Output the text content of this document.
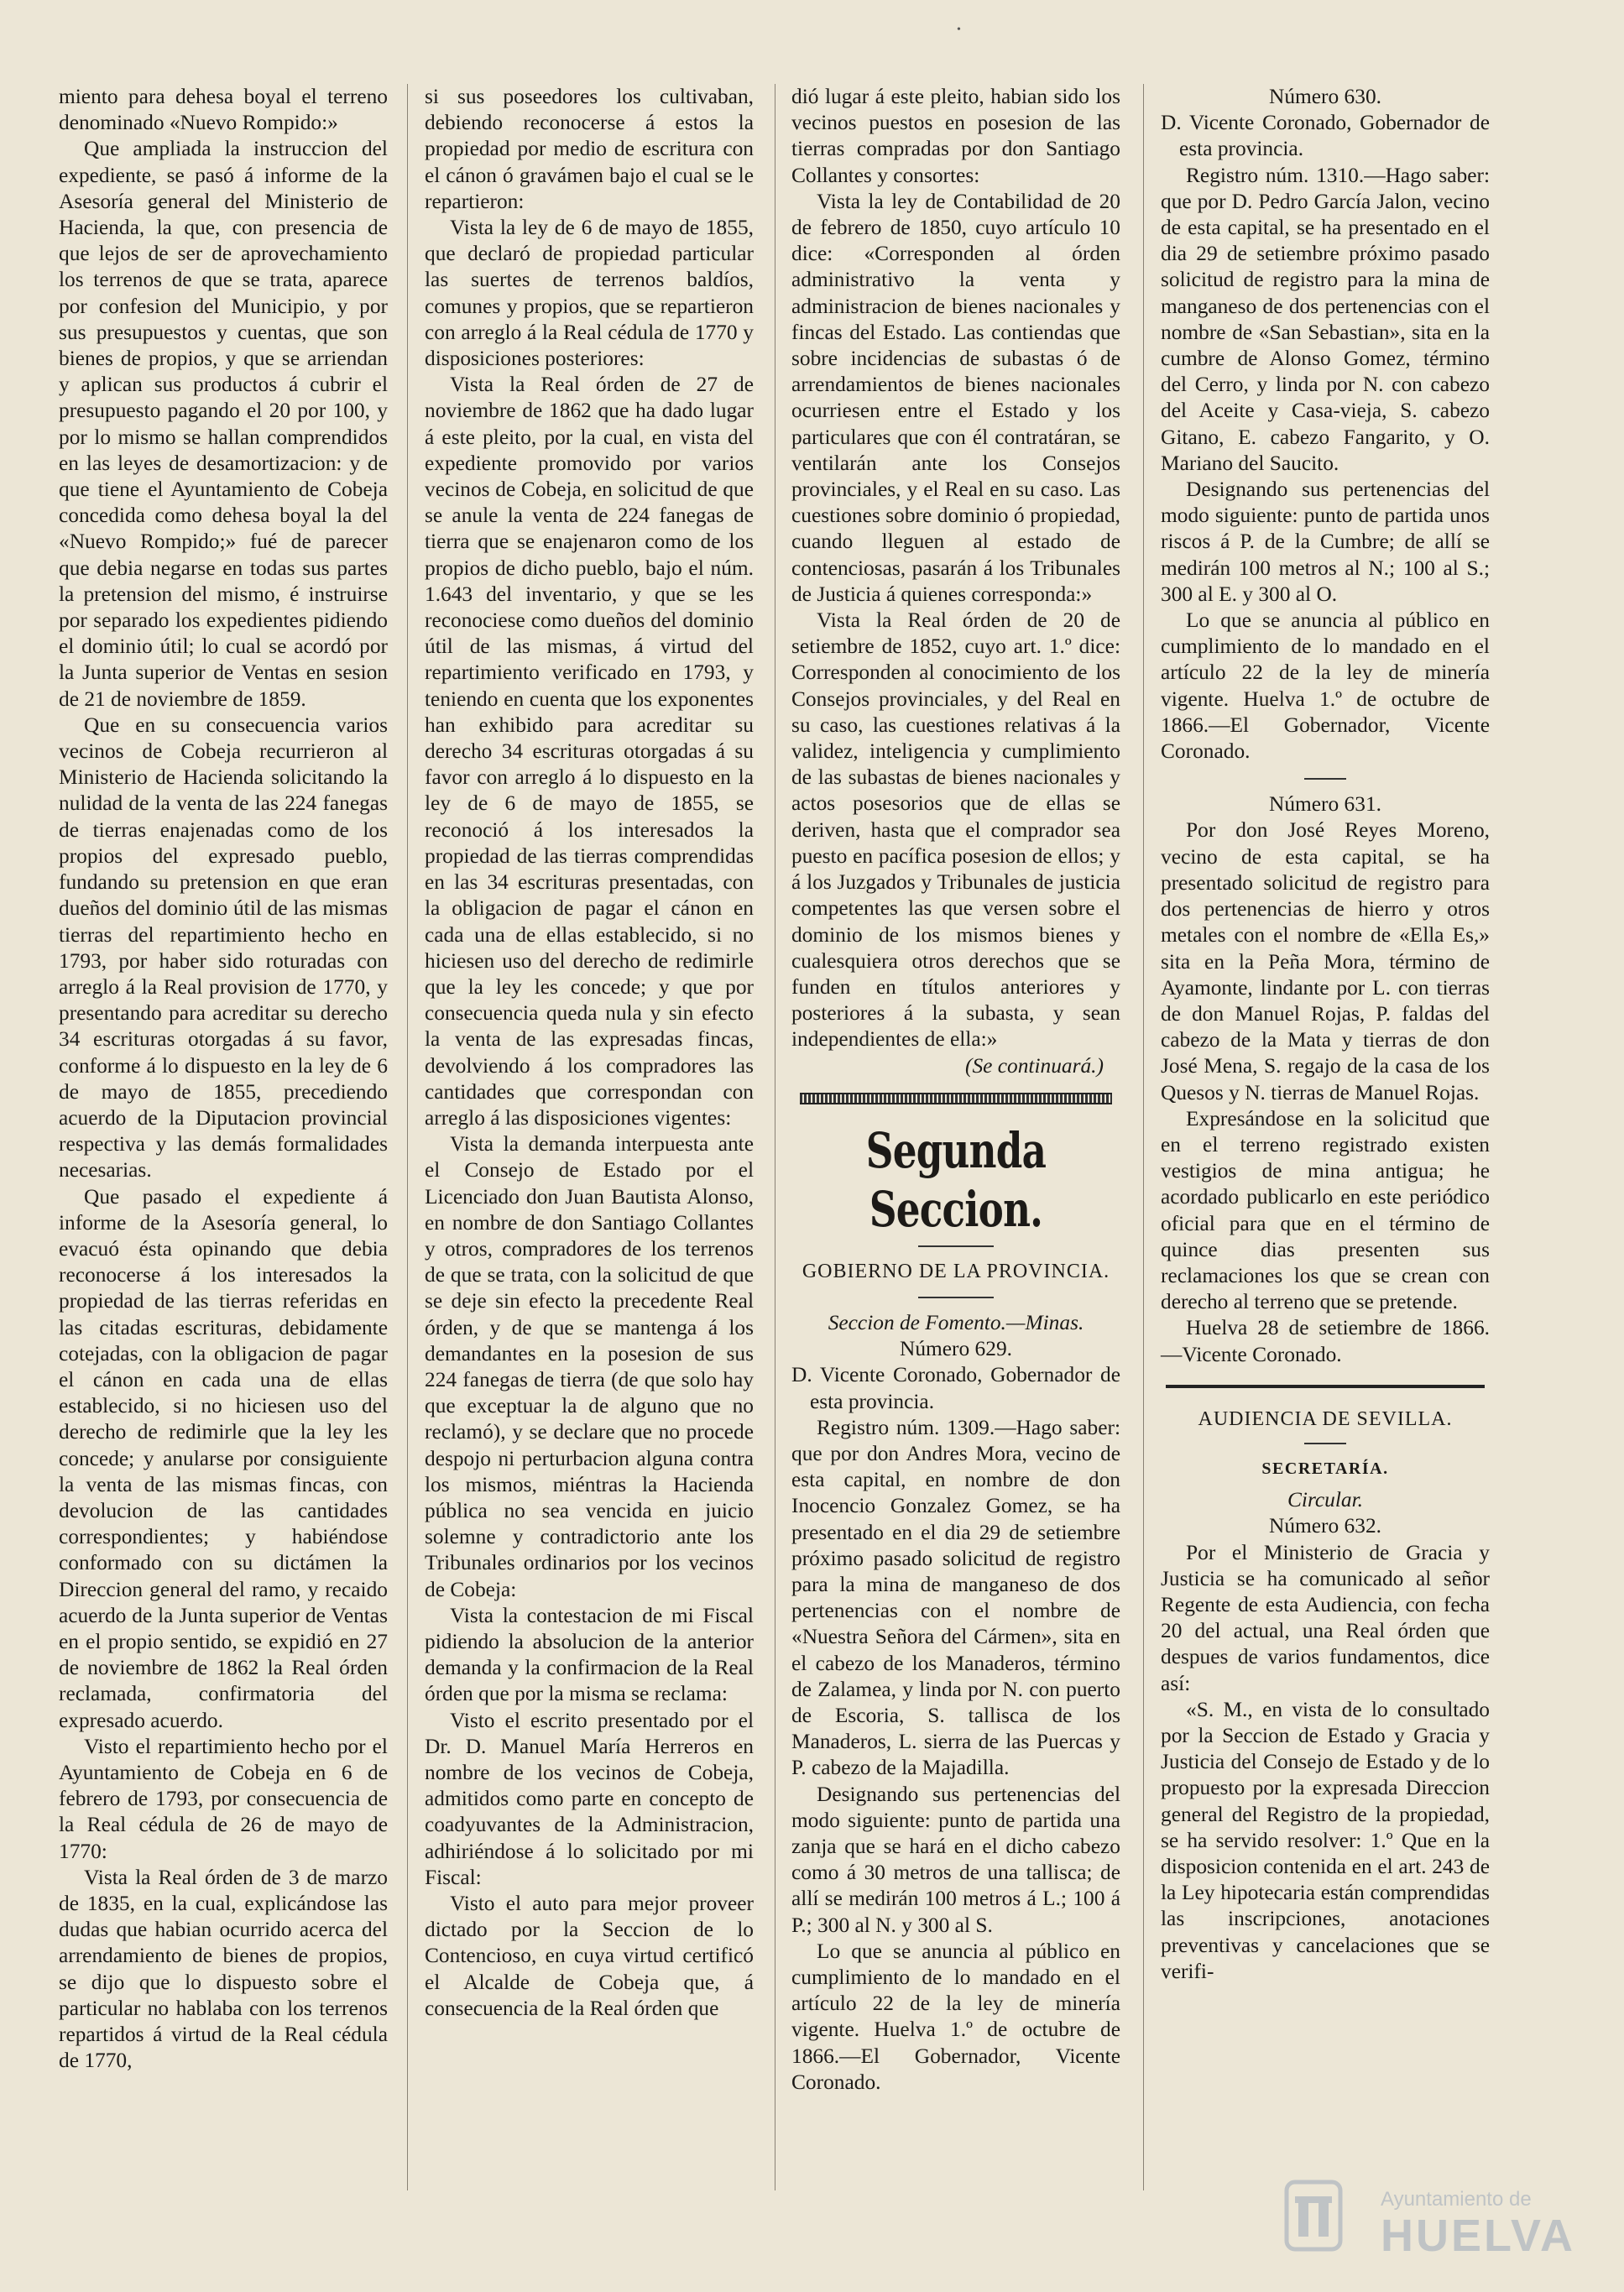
•

miento para dehesa boyal el terreno denominado «Nuevo Rompido:»

Que ampliada la instruccion del expediente, se pasó á informe de la Asesoría general del Ministerio de Hacienda, la que, con presencia de que lejos de ser de aprovechamiento los terrenos de que se trata, aparece por confesion del Municipio, y por sus presupuestos y cuentas, que son bienes de propios, y que se arriendan y aplican sus productos á cubrir el presupuesto pagando el 20 por 100, y por lo mismo se hallan comprendidos en las leyes de desamortizacion: y de que tiene el Ayuntamiento de Cobeja concedida como dehesa boyal la del «Nuevo Rompido;» fué de parecer que debia negarse en todas sus partes la pretension del mismo, é instruirse por separado los expedientes pidiendo el dominio útil; lo cual se acordó por la Junta superior de Ventas en sesion de 21 de noviembre de 1859.

Que en su consecuencia varios vecinos de Cobeja recurrieron al Ministerio de Hacienda solicitando la nulidad de la venta de las 224 fanegas de tierras enajenadas como de los propios del expresado pueblo, fundando su pretension en que eran dueños del dominio útil de las mismas tierras del repartimiento hecho en 1793, por haber sido roturadas con arreglo á la Real provision de 1770, y presentando para acreditar su derecho 34 escrituras otorgadas á su favor, conforme á lo dispuesto en la ley de 6 de mayo de 1855, precediendo acuerdo de la Diputacion provincial respectiva y las demás formalidades necesarias.

Que pasado el expediente á informe de la Asesoría general, lo evacuó ésta opinando que debia reconocerse á los interesados la propiedad de las tierras referidas en las citadas escrituras, debidamente cotejadas, con la obligacion de pagar el cánon en cada una de ellas establecido, si no hiciesen uso del derecho de redimirle que la ley les concede; y anularse por consiguiente la venta de las mismas fincas, con devolucion de las cantidades correspondientes; y habiéndose conformado con su dictámen la Direccion general del ramo, y recaido acuerdo de la Junta superior de Ventas en el propio sentido, se expidió en 27 de noviembre de 1862 la Real órden reclamada, confirmatoria del expresado acuerdo.

Visto el repartimiento hecho por el Ayuntamiento de Cobeja en 6 de febrero de 1793, por consecuencia de la Real cédula de 26 de mayo de 1770:

Vista la Real órden de 3 de marzo de 1835, en la cual, explicándose las dudas que habian ocurrido acerca del arrendamiento de bienes de propios, se dijo que lo dispuesto sobre el particular no hablaba con los terrenos repartidos á virtud de la Real cédula de 1770,

si sus poseedores los cultivaban, debiendo reconocerse á estos la propiedad por medio de escritura con el cánon ó gravámen bajo el cual se le repartieron:

Vista la ley de 6 de mayo de 1855, que declaró de propiedad particular las suertes de terrenos baldíos, comunes y propios, que se repartieron con arreglo á la Real cédula de 1770 y disposiciones posteriores:

Vista la Real órden de 27 de noviembre de 1862 que ha dado lugar á este pleito, por la cual, en vista del expediente promovido por varios vecinos de Cobeja, en solicitud de que se anule la venta de 224 fanegas de tierra que se enajenaron como de los propios de dicho pueblo, bajo el núm. 1.643 del inventario, y que se les reconociese como dueños del dominio útil de las mismas, á virtud del repartimiento verificado en 1793, y teniendo en cuenta que los exponentes han exhibido para acreditar su derecho 34 escrituras otorgadas á su favor con arreglo á lo dispuesto en la ley de 6 de mayo de 1855, se reconoció á los interesados la propiedad de las tierras comprendidas en las 34 escrituras presentadas, con la obligacion de pagar el cánon en cada una de ellas establecido, si no hiciesen uso del derecho de redimirle que la ley les concede; y que por consecuencia queda nula y sin efecto la venta de las expresadas fincas, devolviendo á los compradores las cantidades que correspondan con arreglo á las disposiciones vigentes:

Vista la demanda interpuesta ante el Consejo de Estado por el Licenciado don Juan Bautista Alonso, en nombre de don Santiago Collantes y otros, compradores de los terrenos de que se trata, con la solicitud de que se deje sin efecto la precedente Real órden, y de que se mantenga á los demandantes en la posesion de sus 224 fanegas de tierra (de que solo hay que exceptuar la de alguno que no reclamó), y se declare que no procede despojo ni perturbacion alguna contra los mismos, miéntras la Hacienda pública no sea vencida en juicio solemne y contradictorio ante los Tribunales ordinarios por los vecinos de Cobeja:

Vista la contestacion de mi Fiscal pidiendo la absolucion de la anterior demanda y la confirmacion de la Real órden que por la misma se reclama:

Visto el escrito presentado por el Dr. D. Manuel María Herreros en nombre de los vecinos de Cobeja, admitidos como parte en concepto de coadyuvantes de la Administracion, adhiriéndose á lo solicitado por mi Fiscal:

Visto el auto para mejor proveer dictado por la Seccion de lo Contencioso, en cuya virtud certificó el Alcalde de Cobeja que, á consecuencia de la Real órden que

dió lugar á este pleito, habian sido los vecinos puestos en posesion de las tierras compradas por don Santiago Collantes y consortes:

Vista la ley de Contabilidad de 20 de febrero de 1850, cuyo artículo 10 dice: «Corresponden al órden administrativo la venta y administracion de bienes nacionales y fincas del Estado. Las contiendas que sobre incidencias de subastas ó de arrendamientos de bienes nacionales ocurriesen entre el Estado y los particulares que con él contratáran, se ventilarán ante los Consejos provinciales, y el Real en su caso. Las cuestiones sobre dominio ó propiedad, cuando lleguen al estado de contenciosas, pasarán á los Tribunales de Justicia á quienes corresponda:»

Vista la Real órden de 20 de setiembre de 1852, cuyo art. 1.º dice: Corresponden al conocimiento de los Consejos provinciales, y del Real en su caso, las cuestiones relativas á la validez, inteligencia y cumplimiento de las subastas de bienes nacionales y actos posesorios que de ellas se deriven, hasta que el comprador sea puesto en pacífica posesion de ellos; y á los Juzgados y Tribunales de justicia competentes las que versen sobre el dominio de los mismos bienes y cualesquiera otros derechos que se funden en títulos anteriores y posteriores á la subasta, y sean independientes de ella:»

(Se continuará.)

Segunda Seccion.
GOBIERNO DE LA PROVINCIA.

Seccion de Fomento.—Minas.

Número 629.

D. Vicente Coronado, Gobernador de esta provincia.

Registro núm. 1309.—Hago saber: que por don Andres Mora, vecino de esta capital, en nombre de don Inocencio Gonzalez Gomez, se ha presentado en el dia 29 de setiembre próximo pasado solicitud de registro para la mina de manganeso de dos pertenencias con el nombre de «Nuestra Señora del Cármen», sita en el cabezo de los Manaderos, término de Zalamea, y linda por N. con puerto de Escoria, S. tallisca de los Manaderos, L. sierra de las Puercas y P. cabezo de la Majadilla.

Designando sus pertenencias del modo siguiente: punto de partida una zanja que se hará en el dicho cabezo como á 30 metros de una tallisca; de allí se medirán 100 metros á L.; 100 á P.; 300 al N. y 300 al S.

Lo que se anuncia al público en cumplimiento de lo mandado en el artículo 22 de la ley de minería vigente. Huelva 1.º de octubre de 1866.—El Gobernador, Vicente Coronado.

Número 630.

D. Vicente Coronado, Gobernador de esta provincia.

Registro núm. 1310.—Hago saber: que por D. Pedro García Jalon, vecino de esta capital, se ha presentado en el dia 29 de setiembre próximo pasado solicitud de registro para la mina de manganeso de dos pertenencias con el nombre de «San Sebastian», sita en la cumbre de Alonso Gomez, término del Cerro, y linda por N. con cabezo del Aceite y Casa-vieja, S. cabezo Gitano, E. cabezo Fangarito, y O. Mariano del Saucito.

Designando sus pertenencias del modo siguiente: punto de partida unos riscos á P. de la Cumbre; de allí se medirán 100 metros al N.; 100 al S.; 300 al E. y 300 al O.

Lo que se anuncia al público en cumplimiento de lo mandado en el artículo 22 de la ley de minería vigente. Huelva 1.º de octubre de 1866.—El Gobernador, Vicente Coronado.

Número 631.

Por don José Reyes Moreno, vecino de esta capital, se ha presentado solicitud de registro para dos pertenencias de hierro y otros metales con el nombre de «Ella Es,» sita en la Peña Mora, término de Ayamonte, lindante por L. con tierras de don Manuel Rojas, P. faldas del cabezo de la Mata y tierras de don José Mena, S. regajo de la casa de los Quesos y N. tierras de Manuel Rojas.

Expresándose en la solicitud que en el terreno registrado existen vestigios de mina antigua; he acordado publicarlo en este periódico oficial para que en el término de quince dias presenten sus reclamaciones los que se crean con derecho al terreno que se pretende.

Huelva 28 de setiembre de 1866. —Vicente Coronado.

AUDIENCIA DE SEVILLA.
SECRETARÍA.

Circular.

Número 632.

Por el Ministerio de Gracia y Justicia se ha comunicado al señor Regente de esta Audiencia, con fecha 20 del actual, una Real órden que despues de varios fundamentos, dice así:

«S. M., en vista de lo consultado por la Seccion de Estado y Gracia y Justicia del Consejo de Estado y de lo propuesto por la expresada Direccion general del Registro de la propiedad, se ha servido resolver: 1.º Que en la disposicion contenida en el art. 243 de la Ley hipotecaria están comprendidas las inscripciones, anotaciones preventivas y cancelaciones que se verifi-

Ayuntamiento de
HUELVA
